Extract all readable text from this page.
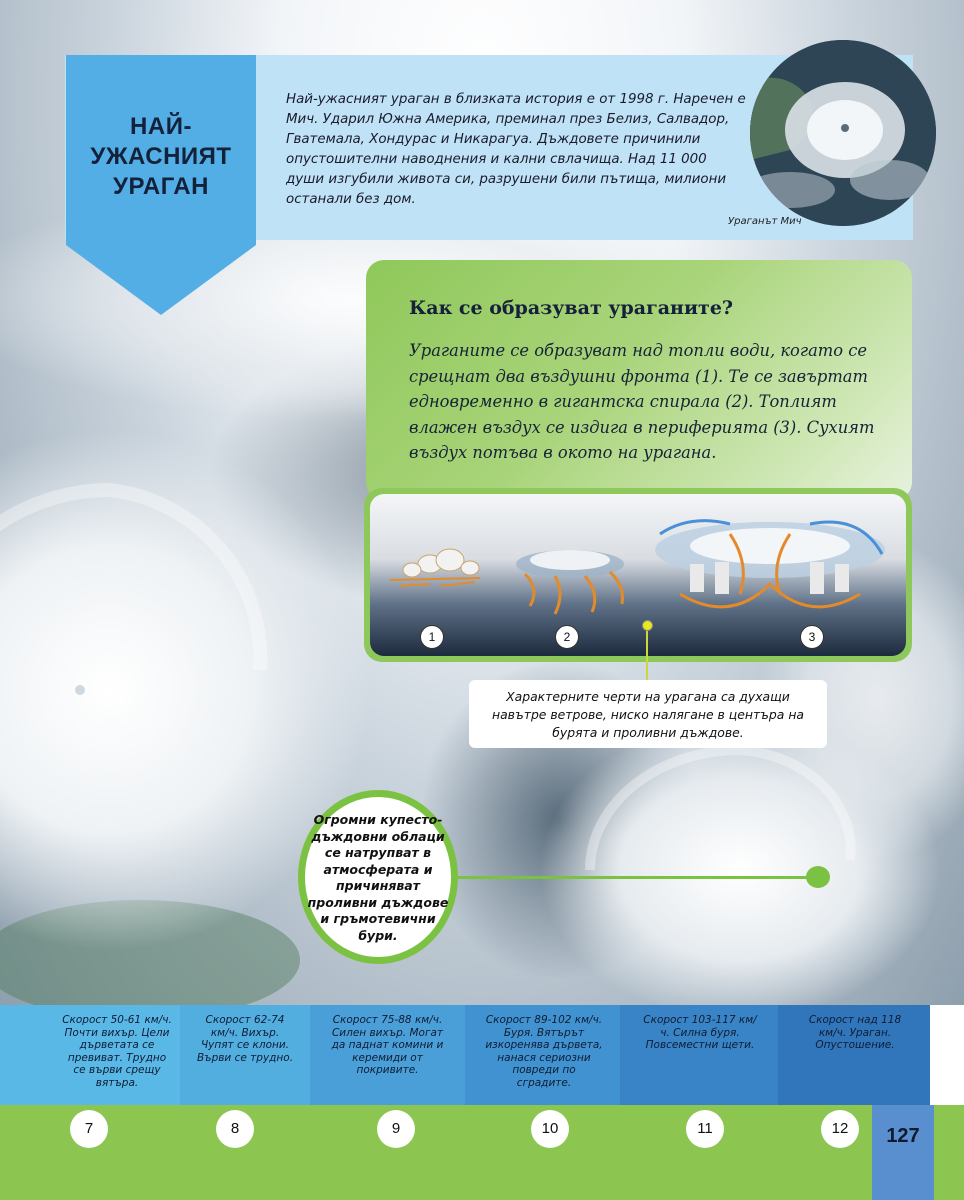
НАЙ-
УЖАСНИЯТ
УРАГАН
Най-ужасният ураган в близката история е от 1998 г. Наречен е Мич. Ударил Южна Америка, преминал през Белиз, Салвадор, Гватемала, Хондурас и Никарагуа. Дъждовете причинили опустошителни наводнения и кални свлачища. Над 11 000 души изгубили живота си, разрушени били пътища, милиони останали без дом.
Ураганът Мич
Как се образуват ураганите?
Ураганите се образуват над топли води, когато се срещнат два въздушни фронта (1). Те се завъртат едновременно в гигантска спирала (2). Топлият влажен въздух се издига в периферията (3). Сухият въздух потъва в окото на урагана.
1	2	3
Характерните черти на урагана са духащи навътре ветрове, ниско налягане в центъра на бурята и проливни дъждове.
Огромни купесто-дъждовни облаци се натрупват в атмосферата и причиняват проливни дъждове и гръмотевични бури.
Скорост 50-61 км/ч. Почти вихър. Цели дърветата се превиват. Трудно се върви срещу вятъра.
Скорост 62-74 км/ч. Вихър. Чупят се клони. Върви се трудно.
Скорост 75-88 км/ч. Силен вихър. Могат да паднат комини и керемиди от покривите.
Скорост 89-102 км/ч. Буря. Вятърът изкоренява дървета, нанася сериозни повреди по сградите.
Скорост 103-117 км/ч. Силна буря. Повсеместни щети.
Скорост над 118 км/ч. Ураган. Опустошение.
7	8	9	10	11	12	127
